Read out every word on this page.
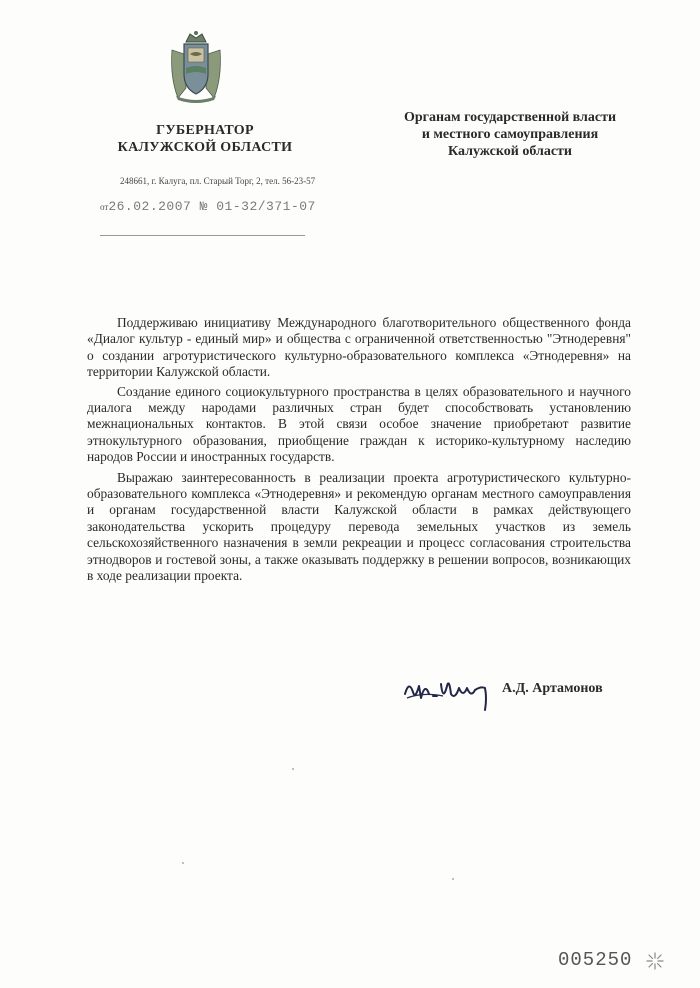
ГУБЕРНАТОР
КАЛУЖСКОЙ ОБЛАСТИ
248661, г. Калуга, пл. Старый Торг, 2, тел. 56-23-57
от26.02.2007 № 01-32/371-07
Органам государственной власти
и местного самоуправления
Калужской области

Поддерживаю инициативу Международного благотворительного общественного фонда «Диалог культур - единый мир» и общества с ограниченной ответственностью "Этнодеревня" о создании агротуристического культурно-образовательного комплекса «Этнодеревня» на территории Калужской области.

Создание единого социокультурного пространства в целях образовательного и научного диалога между народами различных стран будет способствовать установлению межнациональных контактов. В этой связи особое значение приобретают развитие этнокультурного образования, приобщение граждан к историко-культурному наследию народов России и иностранных государств.

Выражаю заинтересованность в реализации проекта агротуристического культурно-образовательного комплекса «Этнодеревня» и рекомендую органам местного самоуправления и органам государственной власти Калужской области в рамках действующего законодательства ускорить процедуру перевода земельных участков из земель сельскохозяйственного назначения в земли рекреации и процесс согласования строительства этнодворов и гостевой зоны, а также оказывать поддержку в решении вопросов, возникающих в ходе реализации проекта.

А.Д. Артамонов
005250
